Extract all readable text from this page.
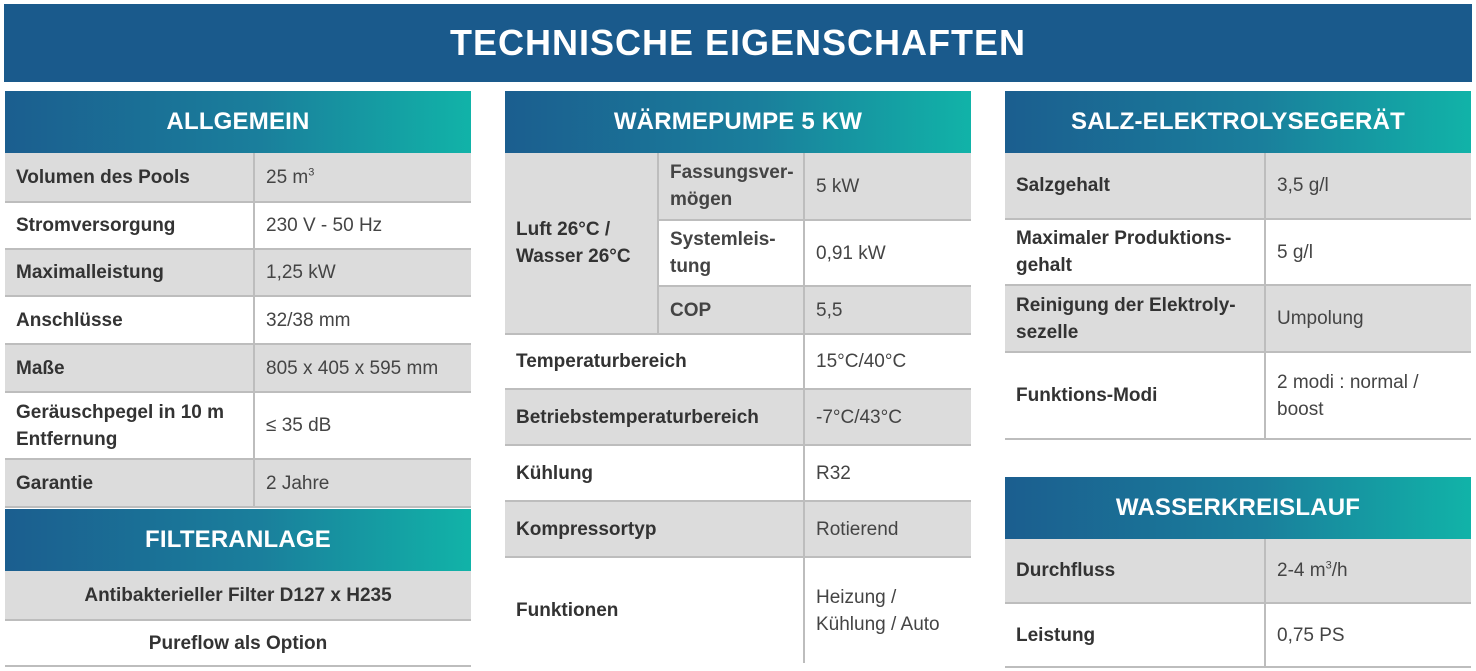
TECHNISCHE EIGENSCHAFTEN
ALLGEMEIN
Volumen des Pools	25 $m^3$
Stromversorgung	230 V - 50 Hz
Maximalleistung	1,25 kW
Anschlüsse	32/38 mm
Maße	805 x 405 x 595 mm
Geräuschpegel in 10 m Entfernung	≤ 35 dB
Garantie	2 Jahre
FILTERANLAGE
Antibakterieller Filter D127 x H235
Pureflow als Option
WÄRMEPUMPE 5 KW
Luft 26°C / Wasser 26°C	Fassungsver-mögen	5 kW
	Systemleis-tung	0,91 kW
	COP	5,5
Temperaturbereich		15°C/40°C
Betriebstemperaturbereich		-7°C/43°C
Kühlung		R32
Kompressortyp		Rotierend
Funktionen		Heizung / Kühlung / Auto
SALZ-ELEKTROLYSEGERÄT
Salzgehalt	3,5 g/l
Maximaler Produktions-gehalt	5 g/l
Reinigung der Elektroly-sezelle	Umpolung
Funktions-Modi	2 modi : normal / boost
WASSERKREISLAUF
Durchfluss	2-4 $m^3/h$
Leistung	0,75 PS
